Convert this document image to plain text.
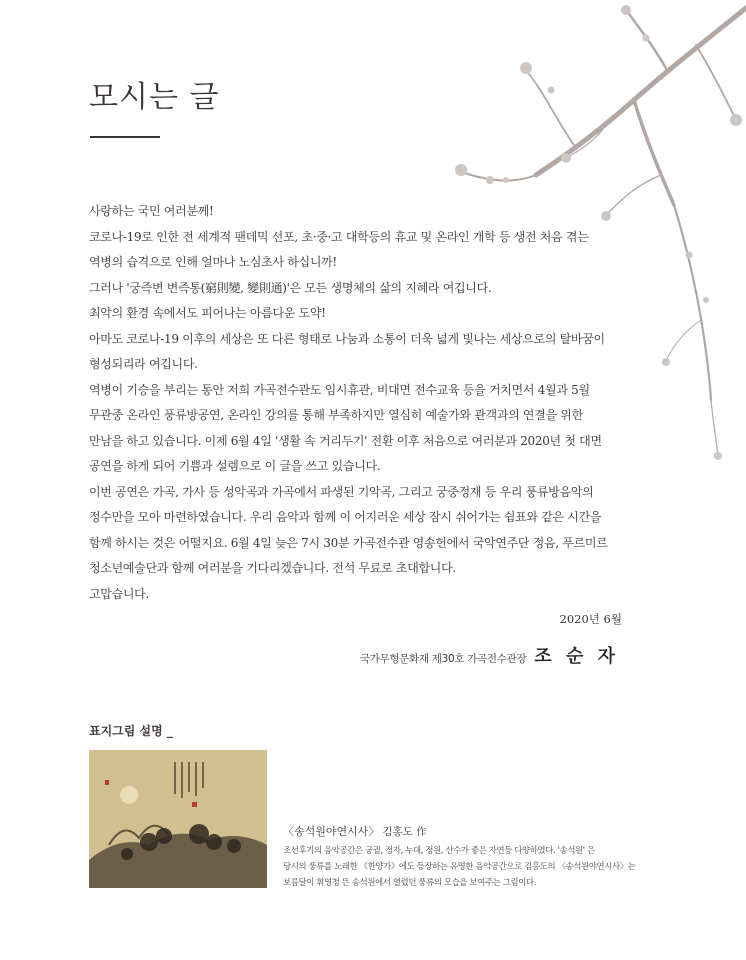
모시는 글

사랑하는 국민 여러분께!

코로나-19로 인한 전 세계적 팬데믹 선포, 초·중·고 대학등의 휴교 및 온라인 개학 등 생전 처음 겪는

역병의 습격으로 인해 얼마나 노심초사 하십니까!

그러나 '궁즉변 변즉통(窮則變, 變則通)'은 모든 생명체의 삶의 지혜라 여깁니다.

최악의 환경 속에서도 피어나는 아름다운 도약!

아마도 코로나-19 이후의 세상은 또 다른 형태로 나눔과 소통이 더욱 넓게 빛나는 세상으로의 탈바꿈이

형성되리라 여깁니다.

역병이 기승을 부리는 동안 저희 가곡전수관도 임시휴관, 비대면 전수교육 등을 거치면서 4월과 5월

무관중 온라인 풍류방공연, 온라인 강의를 통해 부족하지만 열심히 예술가와 관객과의 연결을 위한

만남을 하고 있습니다. 이제 6월 4일 '생활 속 거리두기' 전환 이후 처음으로 여러분과 2020년 첫 대면

공연을 하게 되어 기쁨과 설렘으로 이 글을 쓰고 있습니다.

이번 공연은 가곡, 가사 등 성악곡과 가곡에서 파생된 기악곡, 그리고 궁중정재 등 우리 풍류방음악의

정수만을 모아 마련하였습니다. 우리 음악과 함께 이 어지러운 세상 잠시 쉬어가는 쉼표와 같은 시간을

함께 하시는 것은 어떨지요. 6월 4일 늦은 7시 30분 가곡전수관 영송헌에서 국악연주단 정음, 푸르미르

청소년예술단과 함께 여러분을 기다리겠습니다. 전석 무료로 초대합니다.

고맙습니다.

2020년 6월
국가무형문화재 제30호 가곡전수관장 조 순 자
표지그림 설명 _
〈송석원야연시사〉 김홍도 作

조선후기의 음악공간은 궁궐, 정자, 누대, 정원, 산수가 좋은 자연등 다양하였다. '송석원' 은

당시의 풍류를 노래한 《한양가》에도 등장하는 유명한 음악공간으로 김홍도의 〈송석원야연시사〉는

보름달이 휘영청 뜬 송석원에서 열렸던 풍류의 모습을 보여주는 그림이다.
